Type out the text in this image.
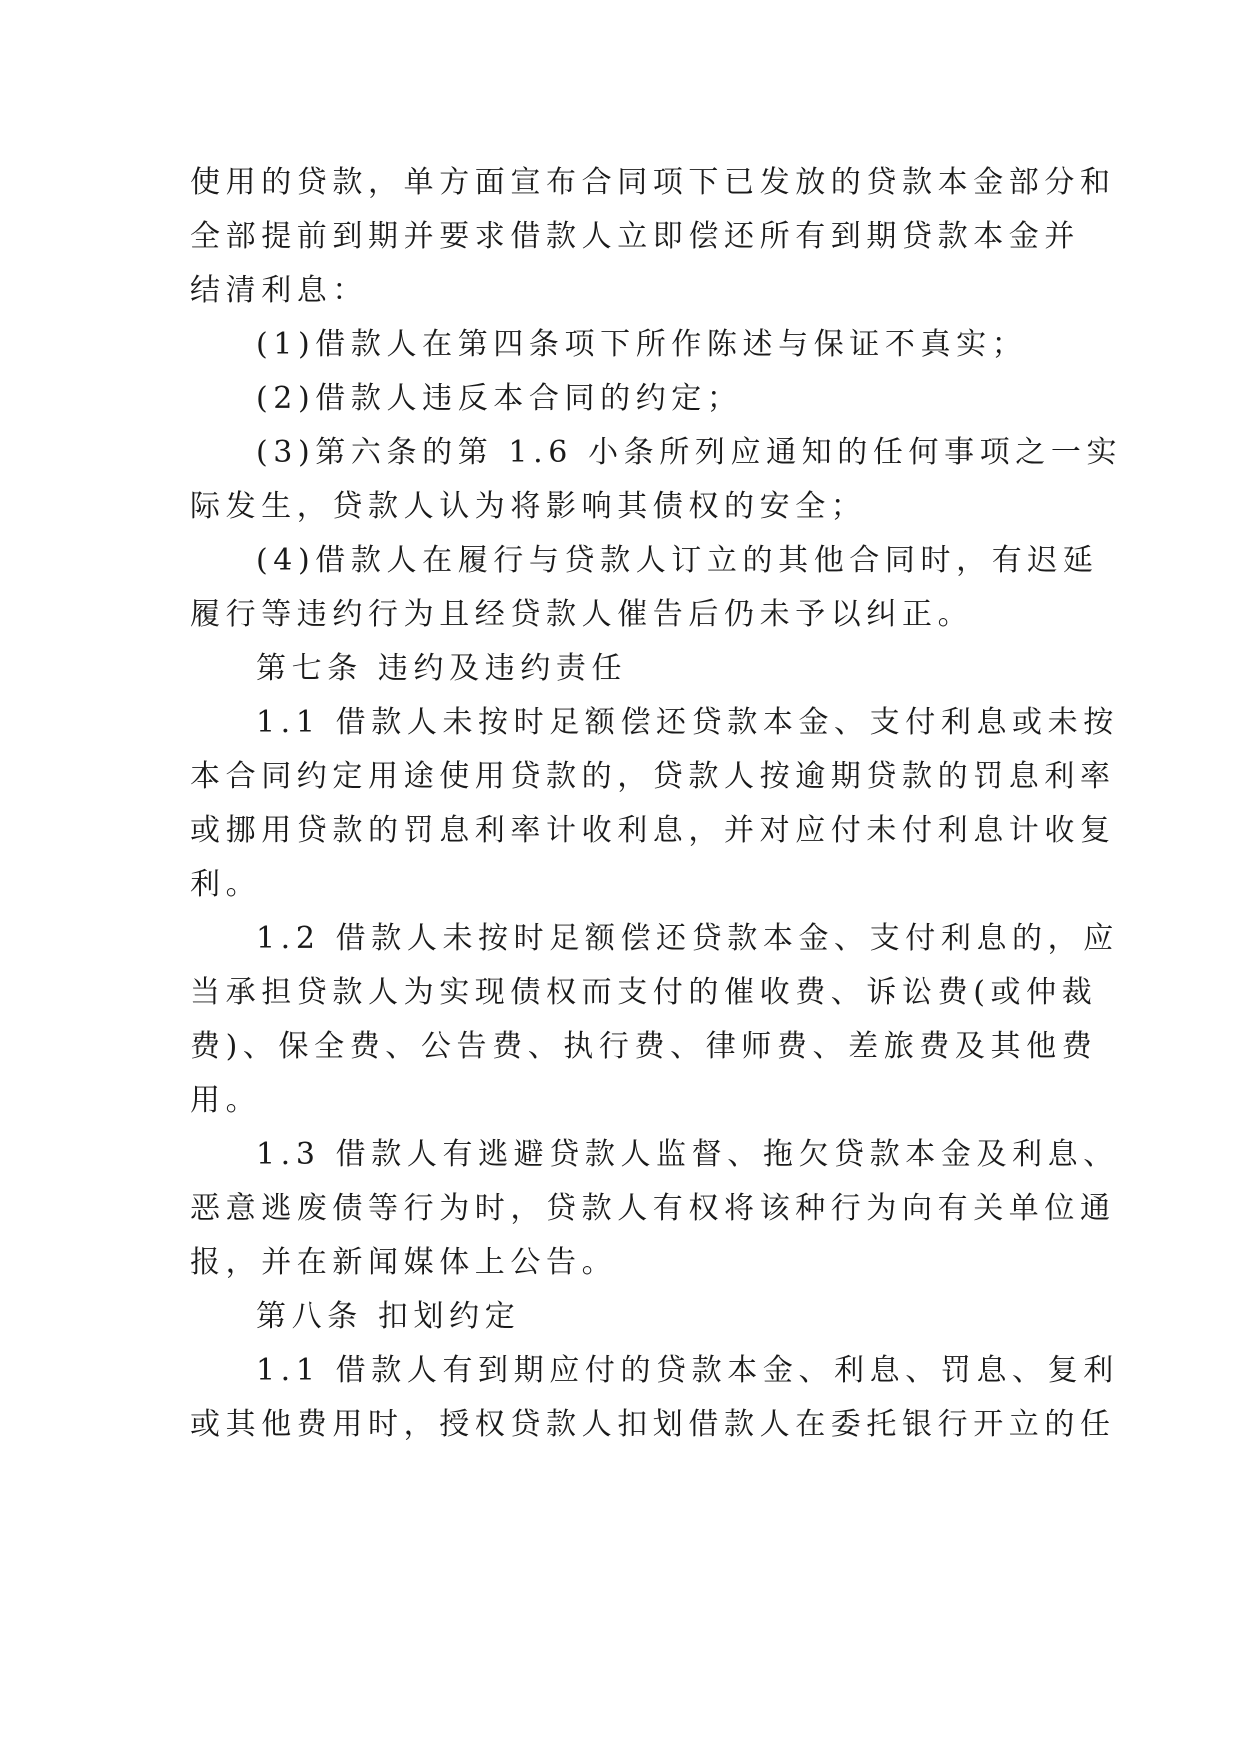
使用的贷款，单方面宣布合同项下已发放的贷款本金部分和
全部提前到期并要求借款人立即偿还所有到期贷款本金并
结清利息：
(1)借款人在第四条项下所作陈述与保证不真实；
(2)借款人违反本合同的约定；
(3)第六条的第 1.6 小条所列应通知的任何事项之一实
际发生，贷款人认为将影响其债权的安全；
(4)借款人在履行与贷款人订立的其他合同时，有迟延
履行等违约行为且经贷款人催告后仍未予以纠正。
第七条 违约及违约责任
1.1 借款人未按时足额偿还贷款本金、支付利息或未按
本合同约定用途使用贷款的，贷款人按逾期贷款的罚息利率
或挪用贷款的罚息利率计收利息，并对应付未付利息计收复
利。
1.2 借款人未按时足额偿还贷款本金、支付利息的，应
当承担贷款人为实现债权而支付的催收费、诉讼费(或仲裁
费)、保全费、公告费、执行费、律师费、差旅费及其他费
用。
1.3 借款人有逃避贷款人监督、拖欠贷款本金及利息、
恶意逃废债等行为时，贷款人有权将该种行为向有关单位通
报，并在新闻媒体上公告。
第八条 扣划约定
1.1 借款人有到期应付的贷款本金、利息、罚息、复利
或其他费用时，授权贷款人扣划借款人在委托银行开立的任
